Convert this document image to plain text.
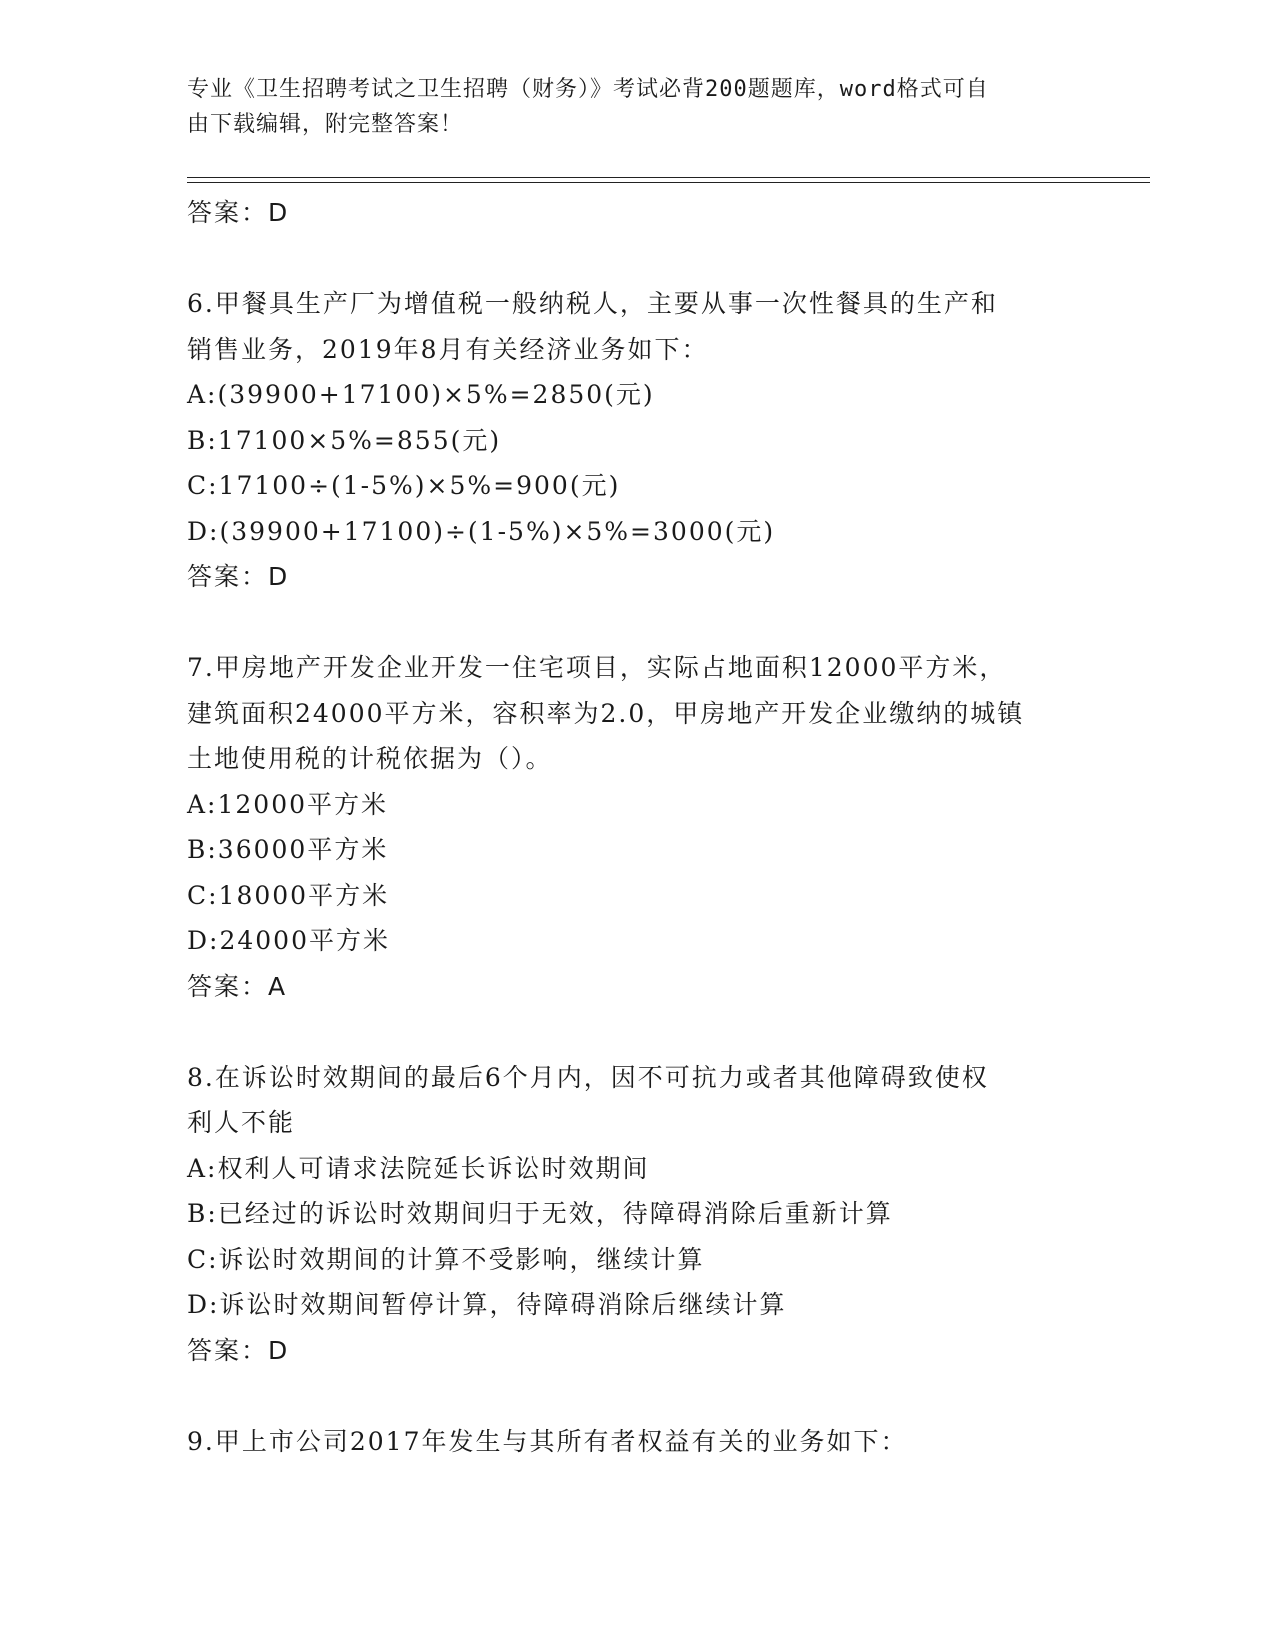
专业《卫生招聘考试之卫生招聘（财务）》考试必背200题题库，word格式可自
由下载编辑，附完整答案！
答案：D
6.甲餐具生产厂为增值税一般纳税人，主要从事一次性餐具的生产和
销售业务，2019年8月有关经济业务如下：
A:(39900+17100)×5%=2850(元)
B:17100×5%=855(元)
C:17100÷(1-5%)×5%=900(元)
D:(39900+17100)÷(1-5%)×5%=3000(元)
答案：D
7.甲房地产开发企业开发一住宅项目，实际占地面积12000平方米，
建筑面积24000平方米，容积率为2.0，甲房地产开发企业缴纳的城镇
土地使用税的计税依据为（）。
A:12000平方米
B:36000平方米
C:18000平方米
D:24000平方米
答案：A
8.在诉讼时效期间的最后6个月内，因不可抗力或者其他障碍致使权
利人不能
A:权利人可请求法院延长诉讼时效期间
B:已经过的诉讼时效期间归于无效，待障碍消除后重新计算
C:诉讼时效期间的计算不受影响，继续计算
D:诉讼时效期间暂停计算，待障碍消除后继续计算
答案：D
9.甲上市公司2017年发生与其所有者权益有关的业务如下：
